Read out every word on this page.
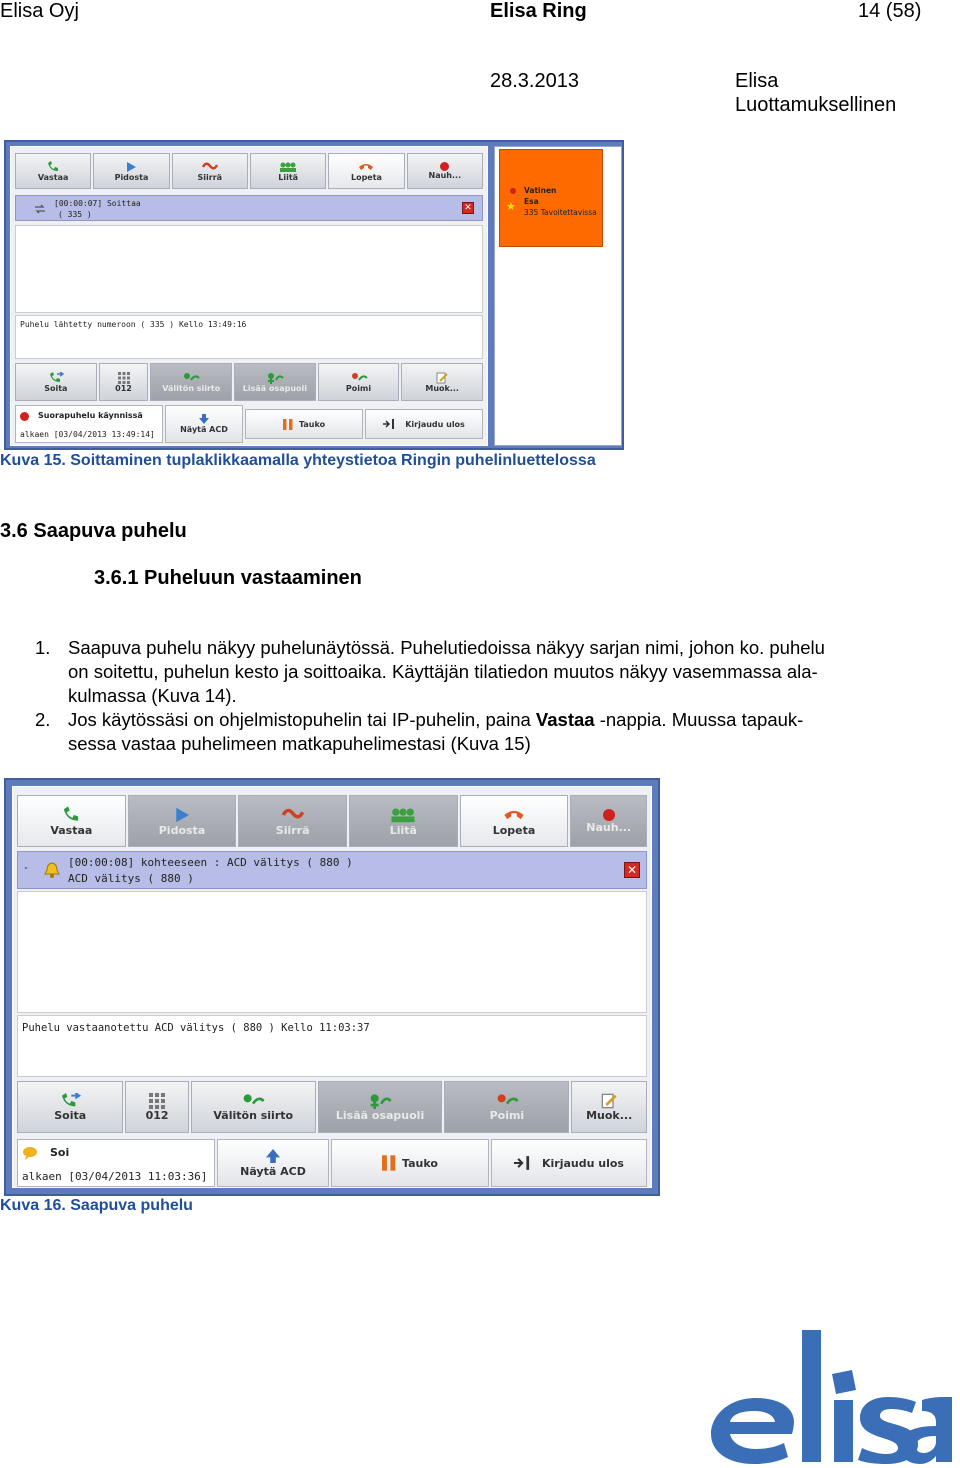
Elisa Oyj	Elisa Ring	14 (58)
28.3.2013	Elisa
Luottamuksellinen
Vastaa	Pidosta	Siirrä	Liitä	Lopeta	Nauh...
[00:00:07] Soittaa
( 335 )
✕
Puhelu lähtetty numeroon ( 335 ) Kello 13:49:16
Soita	012	Välitön siirto	Lisää osapuoli	Poimi	Muok...
Suorapuhelu käynnissä
alkaen [03/04/2013 13:49:14]
Näytä ACD
Tauko	Kirjaudu ulos
★
Vatinen
Esa
335 Tavoitettavissa
Kuva 15. Soittaminen tuplaklikkaamalla yhteystietoa Ringin puhelinluettelossa
3.6 Saapuva puhelu
3.6.1 Puheluun vastaaminen
1. Saapuva puhelu näkyy puhelunäytössä. Puhelutiedoissa näkyy sarjan nimi, johon ko. puhelu
on soitettu, puhelun kesto ja soittoaika. Käyttäjän tilatiedon muutos näkyy vasemmassa ala-
kulmassa (Kuva 14).
2. Jos käytössäsi on ohjelmistopuhelin tai IP-puhelin, paina Vastaa -nappia. Muussa tapauk-
sessa vastaa puhelimeen matkapuhelimestasi (Kuva 15)
Vastaa	Pidosta	Siirrä	Liitä	Lopeta	Nauh...
▸	[00:00:08] kohteeseen : ACD välitys ( 880 )
ACD välitys ( 880 )
✕
Puhelu vastaanotettu ACD välitys ( 880 ) Kello 11:03:37
Soita	012	Välitön siirto	Lisää osapuoli	Poimi	Muok...
Soi
alkaen [03/04/2013 11:03:36]	Näytä ACD
Tauko	Kirjaudu ulos
Kuva 16. Saapuva puhelu
